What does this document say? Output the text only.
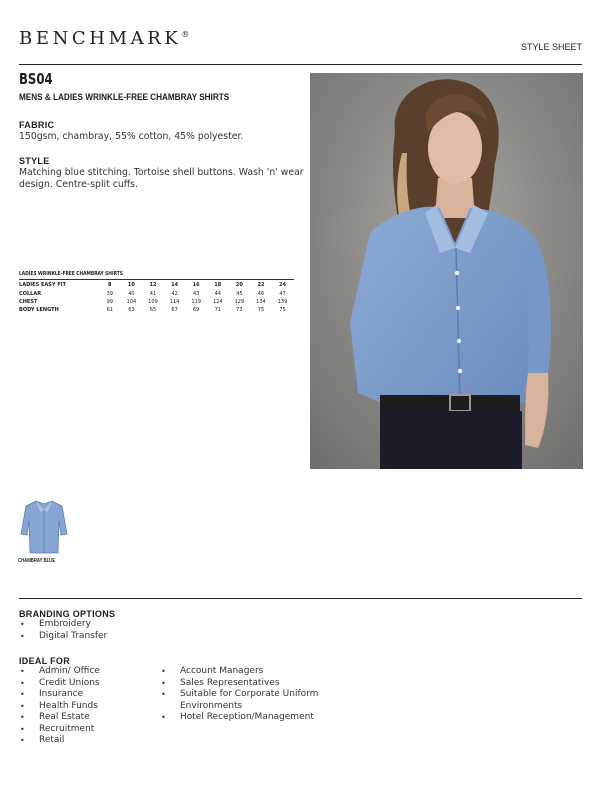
BENCHMARK®
STYLE SHEET
BS04
MENS & LADIES WRINKLE-FREE CHAMBRAY SHIRTS
FABRIC
150gsm, chambray, 55% cotton, 45% polyester.
STYLE
Matching blue stitching. Tortoise shell buttons. Wash 'n' wear design. Centre-split cuffs.
LADIES WRINKLE-FREE CHAMBRAY SHIRTS
LADIES EASY FIT	8	10	12	14	16	18	20	22	24
COLLAR	39	40	41	42	43	44	45	46	47
CHEST	99	104	109	114	119	124	129	134	139
BODY LENGTH	61	63	65	67	69	71	73	75	75
CHAMBRAY BLUE
BRANDING OPTIONS
• Embroidery
• Digital Transfer
IDEAL FOR
• Admin/ Office
• Credit Unions
• Insurance
• Health Funds
• Real Estate
• Recruitment
• Retail
• Account Managers
• Sales Representatives
• Suitable for Corporate Uniform Environments
• Hotel Reception/Management
